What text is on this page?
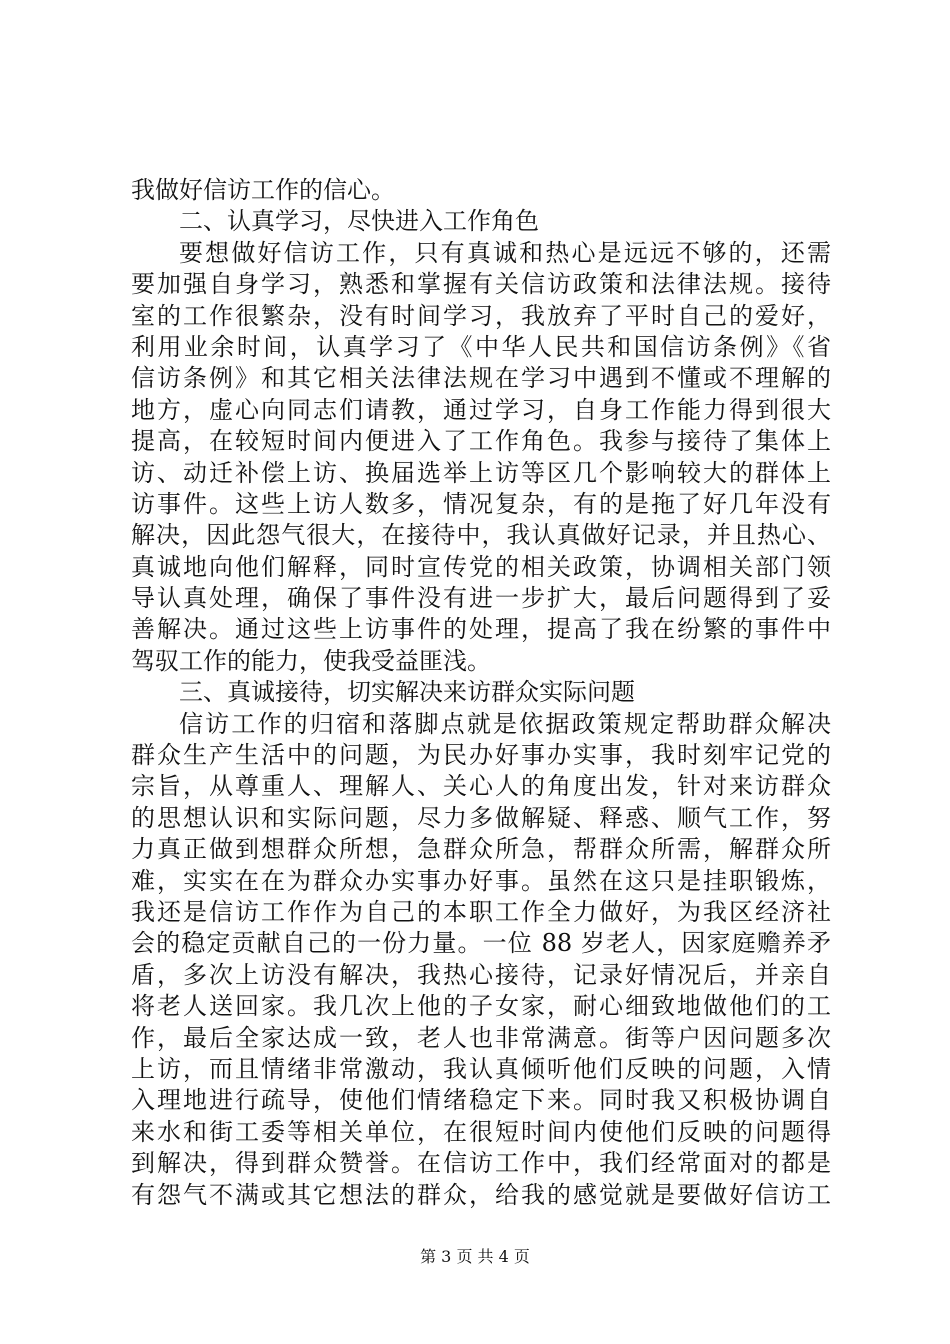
我做好信访工作的信心。
二、认真学习，尽快进入工作角色
要想做好信访工作，只有真诚和热心是远远不够的，还需
要加强自身学习，熟悉和掌握有关信访政策和法律法规。接待
室的工作很繁杂，没有时间学习，我放弃了平时自己的爱好，
利用业余时间，认真学习了《中华人民共和国信访条例》《省
信访条例》和其它相关法律法规在学习中遇到不懂或不理解的
地方，虚心向同志们请教，通过学习，自身工作能力得到很大
提高，在较短时间内便进入了工作角色。我参与接待了集体上
访、动迁补偿上访、换届选举上访等区几个影响较大的群体上
访事件。这些上访人数多，情况复杂，有的是拖了好几年没有
解决，因此怨气很大，在接待中，我认真做好记录，并且热心、
真诚地向他们解释，同时宣传党的相关政策，协调相关部门领
导认真处理，确保了事件没有进一步扩大，最后问题得到了妥
善解决。通过这些上访事件的处理，提高了我在纷繁的事件中
驾驭工作的能力，使我受益匪浅。
三、真诚接待，切实解决来访群众实际问题
信访工作的归宿和落脚点就是依据政策规定帮助群众解决
群众生产生活中的问题，为民办好事办实事，我时刻牢记党的
宗旨，从尊重人、理解人、关心人的角度出发，针对来访群众
的思想认识和实际问题，尽力多做解疑、释惑、顺气工作，努
力真正做到想群众所想，急群众所急，帮群众所需，解群众所
难，实实在在为群众办实事办好事。虽然在这只是挂职锻炼，
我还是信访工作作为自己的本职工作全力做好，为我区经济社
会的稳定贡献自己的一份力量。一位 88 岁老人，因家庭赡养矛
盾，多次上访没有解决，我热心接待，记录好情况后，并亲自
将老人送回家。我几次上他的子女家，耐心细致地做他们的工
作，最后全家达成一致，老人也非常满意。街等户因问题多次
上访，而且情绪非常激动，我认真倾听他们反映的问题，入情
入理地进行疏导，使他们情绪稳定下来。同时我又积极协调自
来水和街工委等相关单位，在很短时间内使他们反映的问题得
到解决，得到群众赞誉。在信访工作中，我们经常面对的都是
有怨气不满或其它想法的群众，给我的感觉就是要做好信访工
第 3 页 共 4 页
